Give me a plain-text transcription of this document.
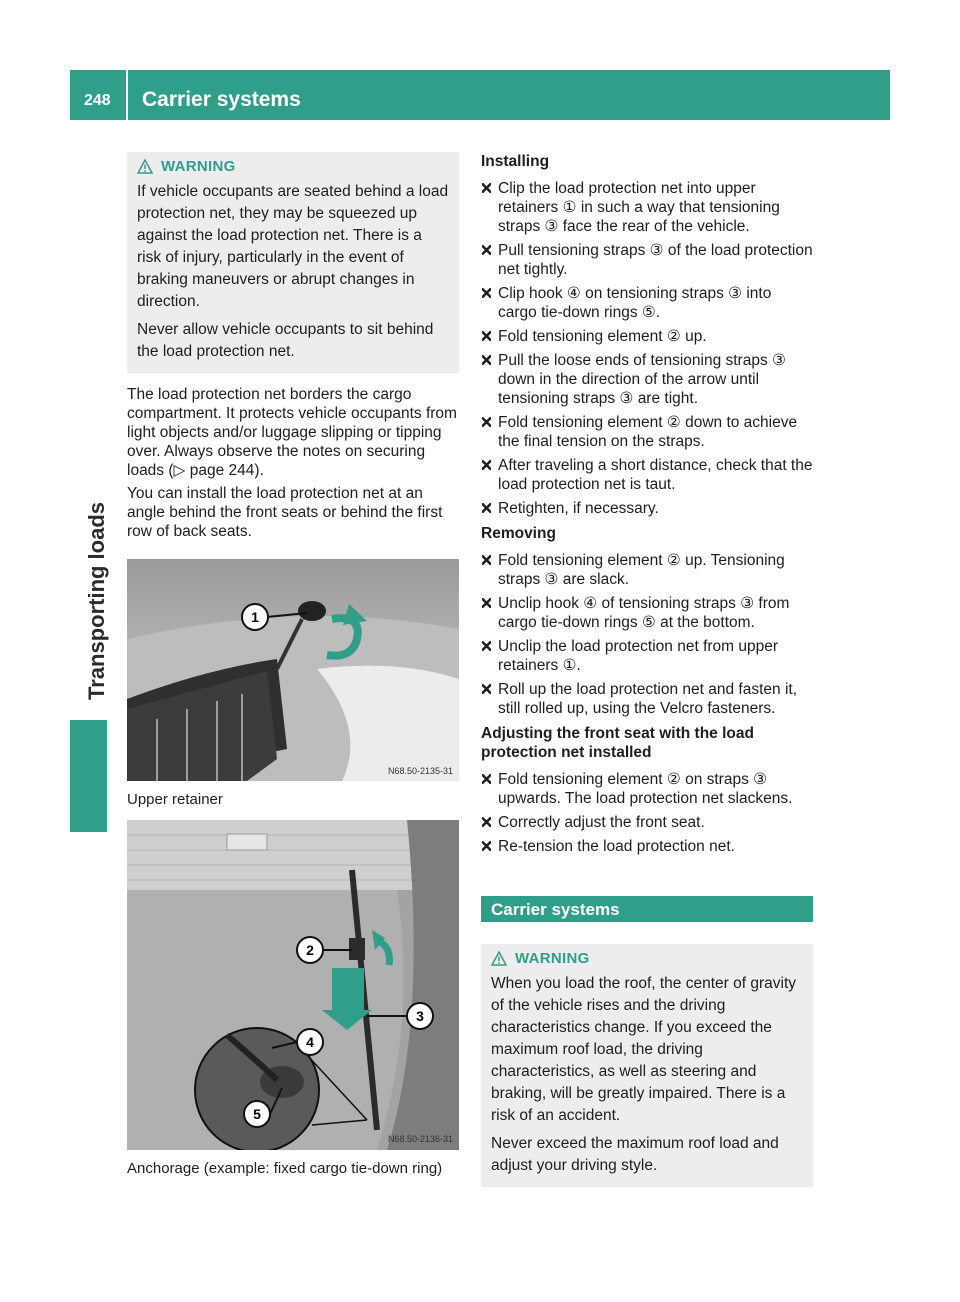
248 Carrier systems
Transporting loads
WARNING

If vehicle occupants are seated behind a load protection net, they may be squeezed up against the load protection net. There is a risk of injury, particularly in the event of braking maneuvers or abrupt changes in direction.

Never allow vehicle occupants to sit behind the load protection net.

The load protection net borders the cargo compartment. It protects vehicle occupants from light objects and/or luggage slipping or tipping over. Always observe the notes on securing loads (▷ page 244).

You can install the load protection net at an angle behind the front seats or behind the first row of back seats.

1
N68.50-2135-31
Upper retainer
2
3
4
5
N68.50-2136-31
Anchorage (example: fixed cargo tie-down ring)
Installing
Clip the load protection net into upper retainers ① in such a way that tensioning straps ③ face the rear of the vehicle.
Pull tensioning straps ③ of the load protection net tightly.
Clip hook ④ on tensioning straps ③ into cargo tie-down rings ⑤.
Fold tensioning element ② up.
Pull the loose ends of tensioning straps ③ down in the direction of the arrow until tensioning straps ③ are tight.
Fold tensioning element ② down to achieve the final tension on the straps.
After traveling a short distance, check that the load protection net is taut.
Retighten, if necessary.
Removing
Fold tensioning element ② up. Tensioning straps ③ are slack.
Unclip hook ④ of tensioning straps ③ from cargo tie-down rings ⑤ at the bottom.
Unclip the load protection net from upper retainers ①.
Roll up the load protection net and fasten it, still rolled up, using the Velcro fasteners.
Adjusting the front seat with the load protection net installed
Fold tensioning element ② on straps ③ upwards. The load protection net slackens.
Correctly adjust the front seat.
Re-tension the load protection net.
Carrier systems
WARNING

When you load the roof, the center of gravity of the vehicle rises and the driving characteristics change. If you exceed the maximum roof load, the driving characteristics, as well as steering and braking, will be greatly impaired. There is a risk of an accident.

Never exceed the maximum roof load and adjust your driving style.
